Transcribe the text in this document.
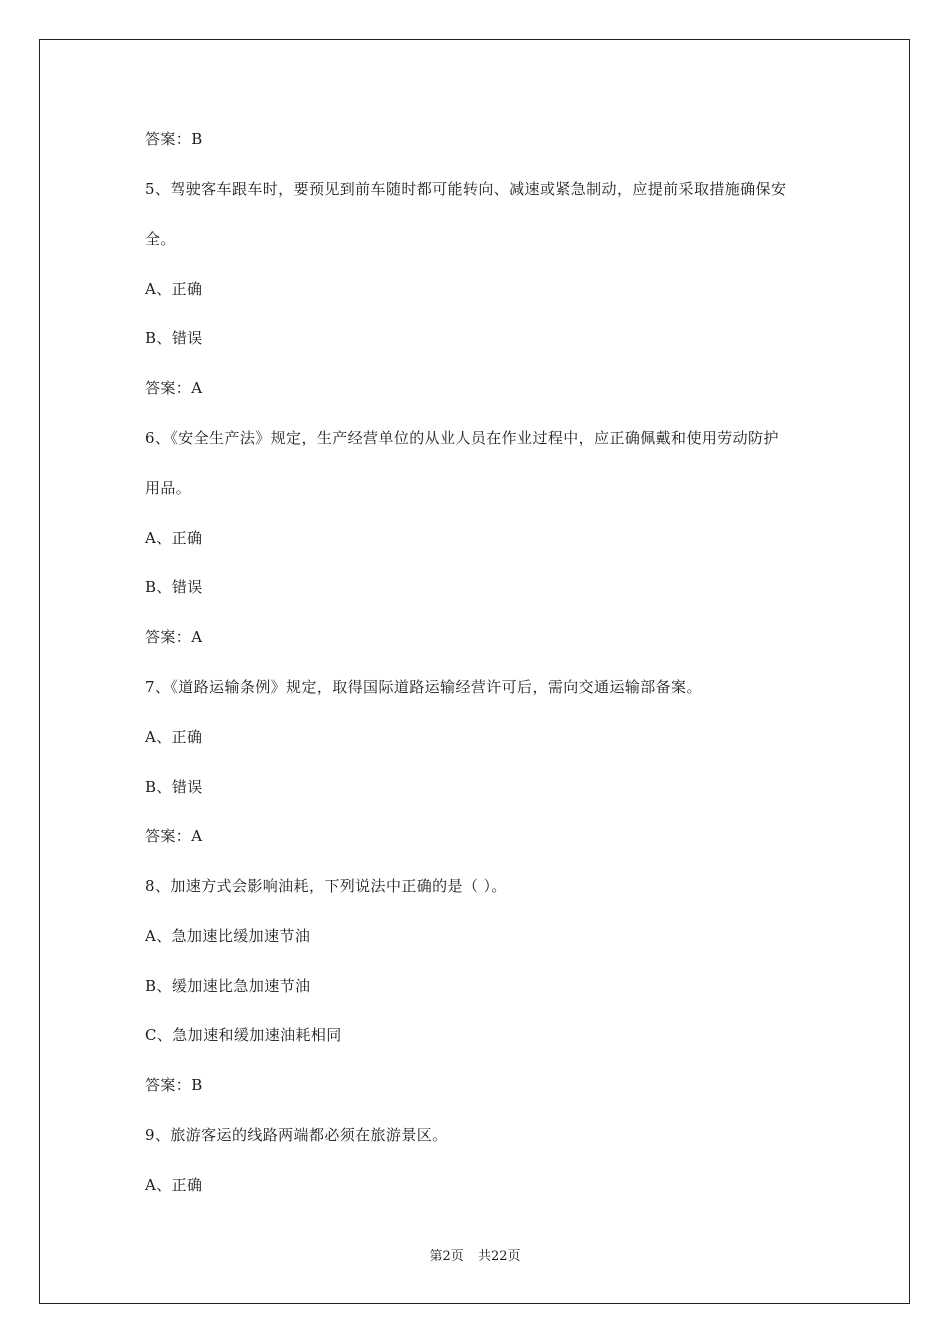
答案：B
5、驾驶客车跟车时，要预见到前车随时都可能转向、减速或紧急制动，应提前采取措施确保安
全。
A、正确
B、错误
答案：A
6、《安全生产法》规定，生产经营单位的从业人员在作业过程中，应正确佩戴和使用劳动防护
用品。
A、正确
B、错误
答案：A
7、《道路运输条例》规定，取得国际道路运输经营许可后，需向交通运输部备案。
A、正确
B、错误
答案：A
8、加速方式会影响油耗，下列说法中正确的是（ ）。
A、急加速比缓加速节油
B、缓加速比急加速节油
C、急加速和缓加速油耗相同
答案：B
9、旅游客运的线路两端都必须在旅游景区。
A、正确
第2页 共22页
